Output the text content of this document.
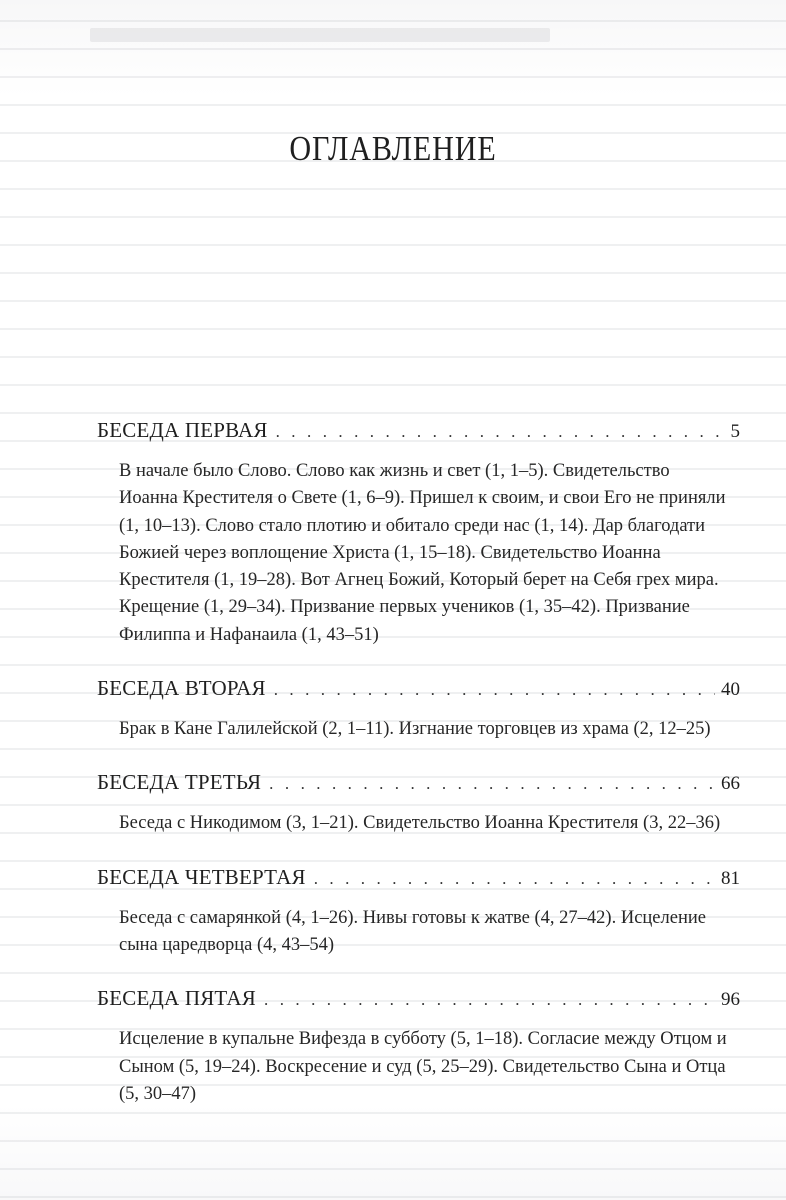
ОГЛАВЛЕНИЕ
БЕСЕДА ПЕРВАЯ . . .	5
В начале было Слово. Слово как жизнь и свет (1, 1–5). Свидетельство Иоанна Крестителя о Свете (1, 6–9). Пришел к своим, и свои Его не приняли (1, 10–13). Слово стало плотию и обитало среди нас (1, 14). Дар благодати Божией через воплощение Христа (1, 15–18). Свидетельство Иоанна Крестителя (1, 19–28). Вот Агнец Божий, Который берет на Себя грех мира. Крещение (1, 29–34). Призвание первых учеников (1, 35–42). Призвание Филиппа и Нафанаила (1, 43–51)
БЕСЕДА ВТОРАЯ . . .	40
Брак в Кане Галилейской (2, 1–11). Изгнание торговцев из храма (2, 12–25)
БЕСЕДА ТРЕТЬЯ . . .	66
Беседа с Никодимом (3, 1–21). Свидетельство Иоанна Крестителя (3, 22–36)
БЕСЕДА ЧЕТВЕРТАЯ . . .	81
Беседа с самарянкой (4, 1–26). Нивы готовы к жатве (4, 27–42). Исцеление сына царедворца (4, 43–54)
БЕСЕДА ПЯТАЯ . . .	96
Исцеление в купальне Вифезда в субботу (5, 1–18). Согласие между Отцом и Сыном (5, 19–24). Воскресение и суд (5, 25–29). Свидетельство Сына и Отца (5, 30–47)
